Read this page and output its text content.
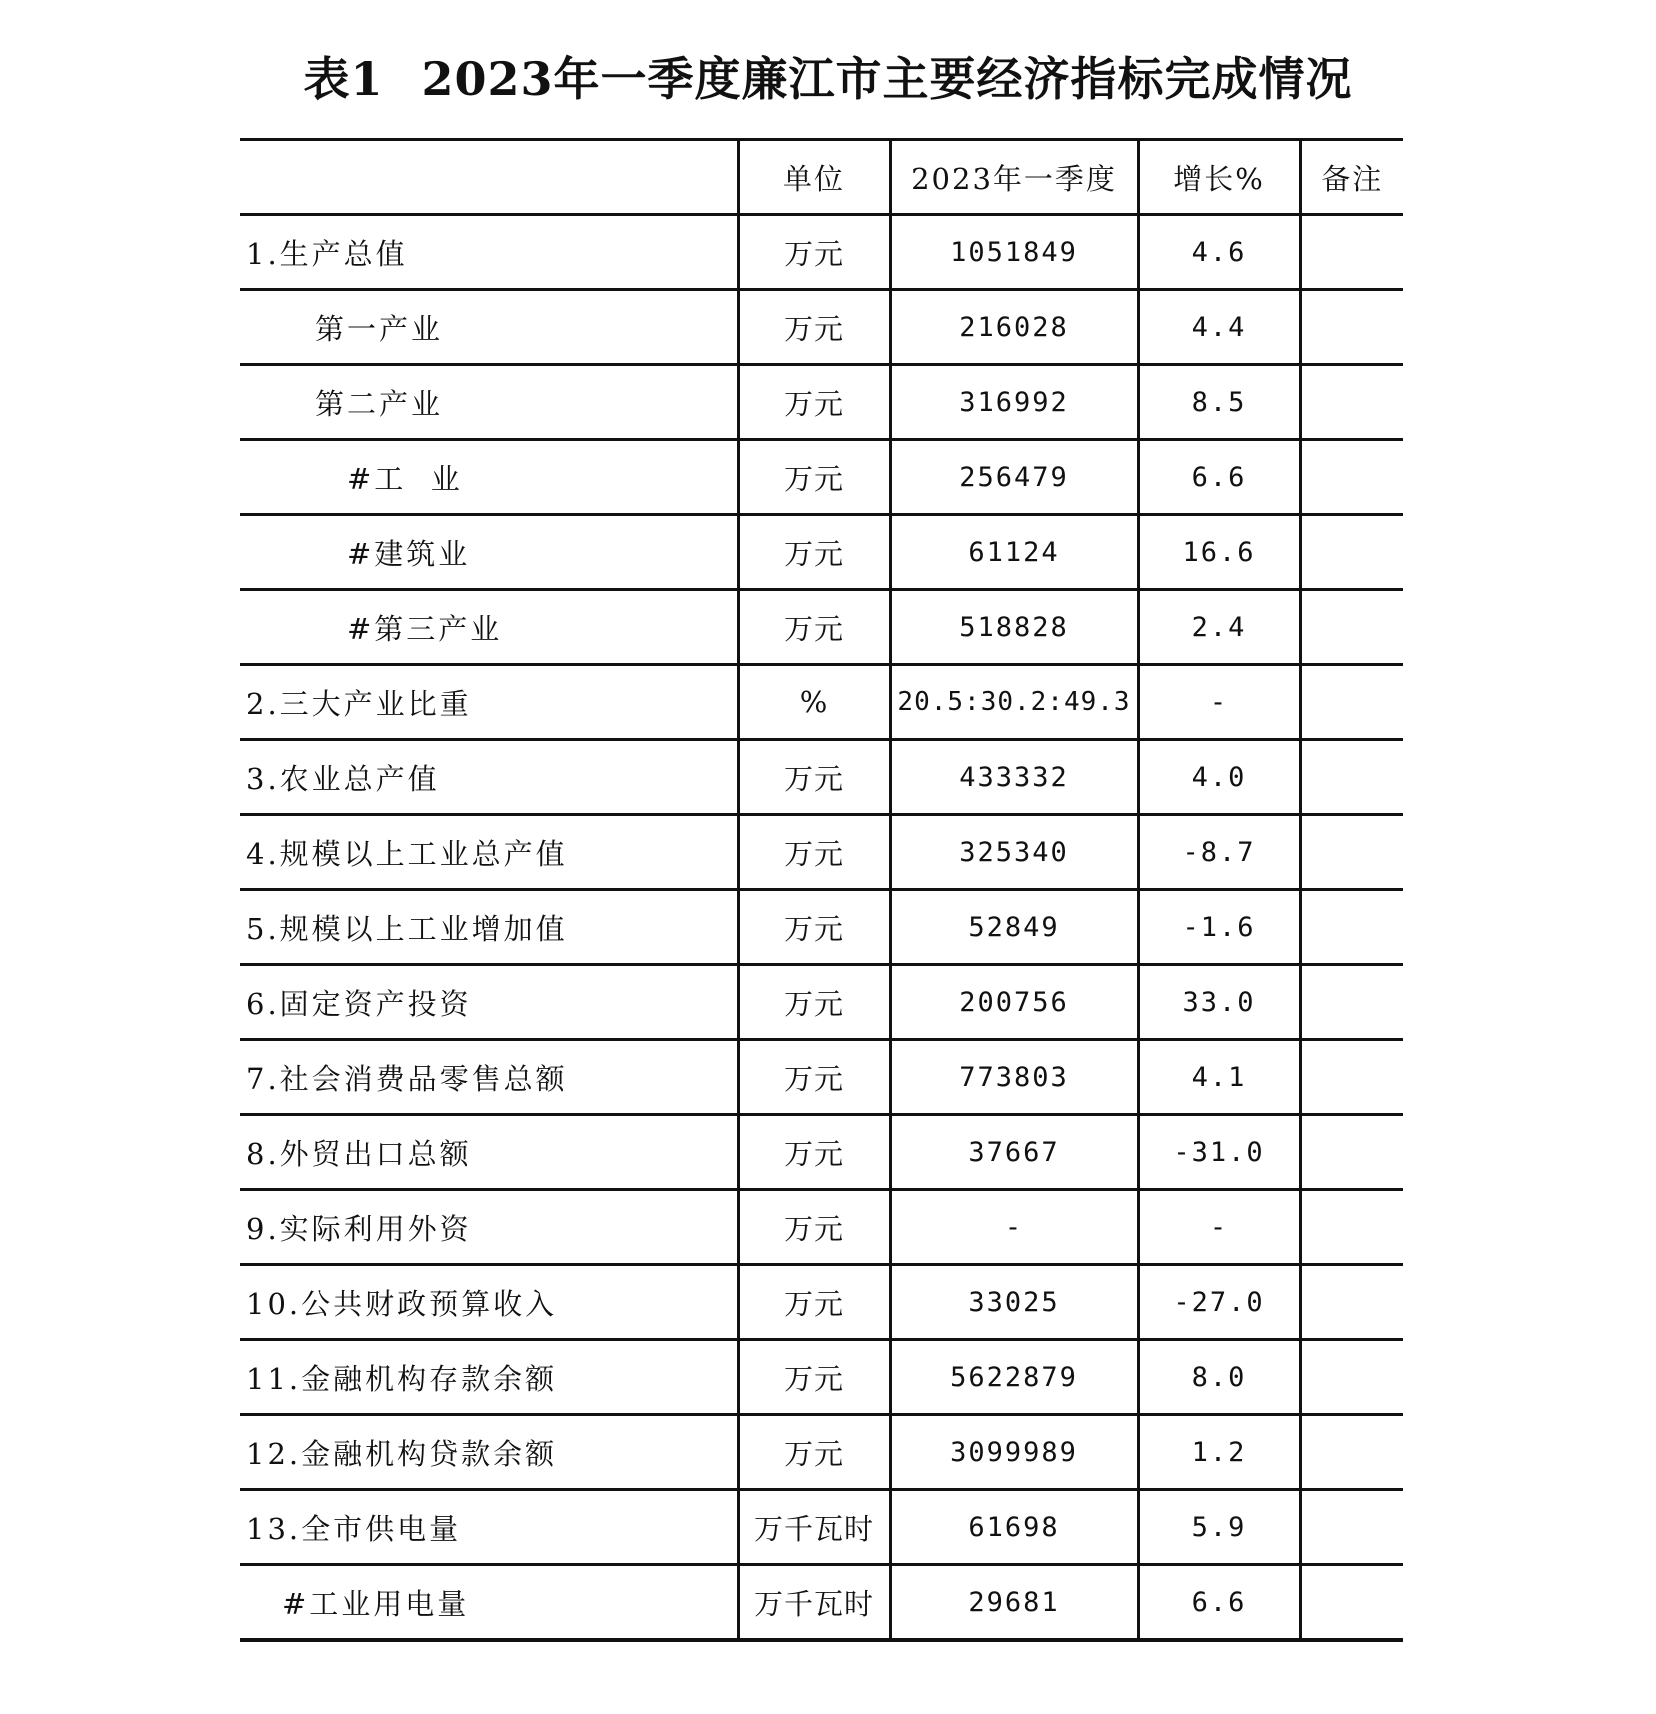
表1 2023年一季度廉江市主要经济指标完成情况
	单位	2023年一季度	增长%	备注
1.生产总值	万元	1051849	4.6	
第一产业	万元	216028	4.4	
第二产业	万元	316992	8.5	
#工  业	万元	256479	6.6	
#建筑业	万元	61124	16.6	
#第三产业	万元	518828	2.4	
2.三大产业比重	%	20.5:30.2:49.3	-	
3.农业总产值	万元	433332	4.0	
4.规模以上工业总产值	万元	325340	-8.7	
5.规模以上工业增加值	万元	52849	-1.6	
6.固定资产投资	万元	200756	33.0	
7.社会消费品零售总额	万元	773803	4.1	
8.外贸出口总额	万元	37667	-31.0	
9.实际利用外资	万元	-	-	
10.公共财政预算收入	万元	33025	-27.0	
11.金融机构存款余额	万元	5622879	8.0	
12.金融机构贷款余额	万元	3099989	1.2	
13.全市供电量	万千瓦时	61698	5.9	
#工业用电量	万千瓦时	29681	6.6	
